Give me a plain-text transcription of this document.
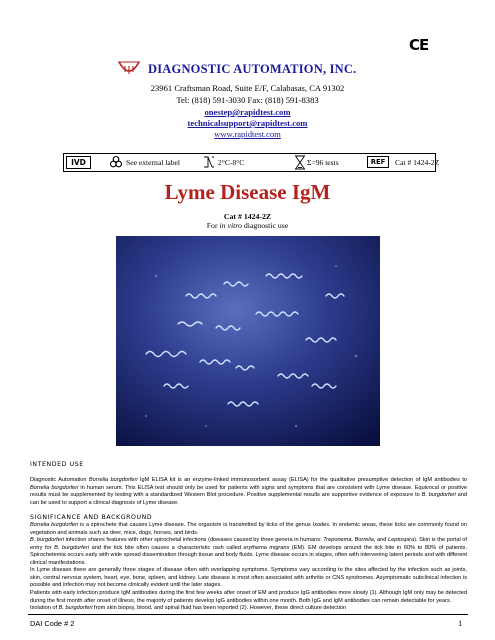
CE
DIAGNOSTIC AUTOMATION, INC.
23961 Craftsman Road, Suite E/F, Calabasas, CA 91302
Tel: (818) 591-3030 Fax: (818) 591-8383
onestep@rapidtest.com
technicalsupport@rapidtest.com
www.rapidtest.com
IVD	See external label	2°C-8°C	Σ=96 tests	REF	Cat # 1424-2Z
Lyme Disease IgM
Cat # 1424-2Z
For in vitro diagnostic use
INTENDED USE
Diagnostic Automation Borrelia burgdorferi IgM ELISA kit is an enzyme-linked immunosorbent assay (ELISA) for the qualitative presumptive detection of IgM antibodies to Borrelia burgdorferi in human serum. This ELISA test should only be used for patients with signs and symptoms that are consistent with Lyme disease. Equivocal or positive results must be supplemented by testing with a standardized Western Blot procedure. Positive supplemental results are supportive evidence of exposure to B. burgdorferi and can be used to support a clinical diagnosis of Lyme disease.
SIGNIFICANCE AND BACKGROUND
Borrelia burgdorferi is a spirochete that causes Lyme disease. The organism is transmitted by ticks of the genus Ixodes. In endemic areas, these ticks are commonly found on vegetation and animals such as deer, mice, dogs, horses, and birds.
B. burgdorferi infection shares features with other spirochetal infections (diseases caused by three genera in humans: Treponema, Borrelia, and Leptospira). Skin is the portal of entry for B. burgdorferi and the tick bite often causes a characteristic rash called erythema migrans (EM). EM develops around the tick bite in 60% to 80% of patients. Spirochetemia occurs early with wide spread dissemination through tissue and body fluids. Lyme disease occurs in stages, often with intervening latent periods and with different clinical manifestations.
In Lyme disease there are generally three stages of disease often with overlapping symptoms. Symptoms vary according to the sites affected by the infection such as joints, skin, central nervous system, heart, eye, bone, spleen, and kidney. Late disease is most often associated with arthritis or CNS syndromes. Asymptomatic subclinical infection is possible and infection may not become clinically evident until the later stages.
Patients with early infection produce IgM antibodies during the first few weeks after onset of EM and produce IgG antibodies more slowly (1). Although IgM only may be detected during the first month after onset of illness, the majority of patients develop IgG antibodies within one month. Both IgG and IgM antibodies can remain detectable for years.
Isolation of B. burgdorferi from skin biopsy, blood, and spinal fluid has been reported (2). However, these direct culture detection
DAI Code # 2	1
